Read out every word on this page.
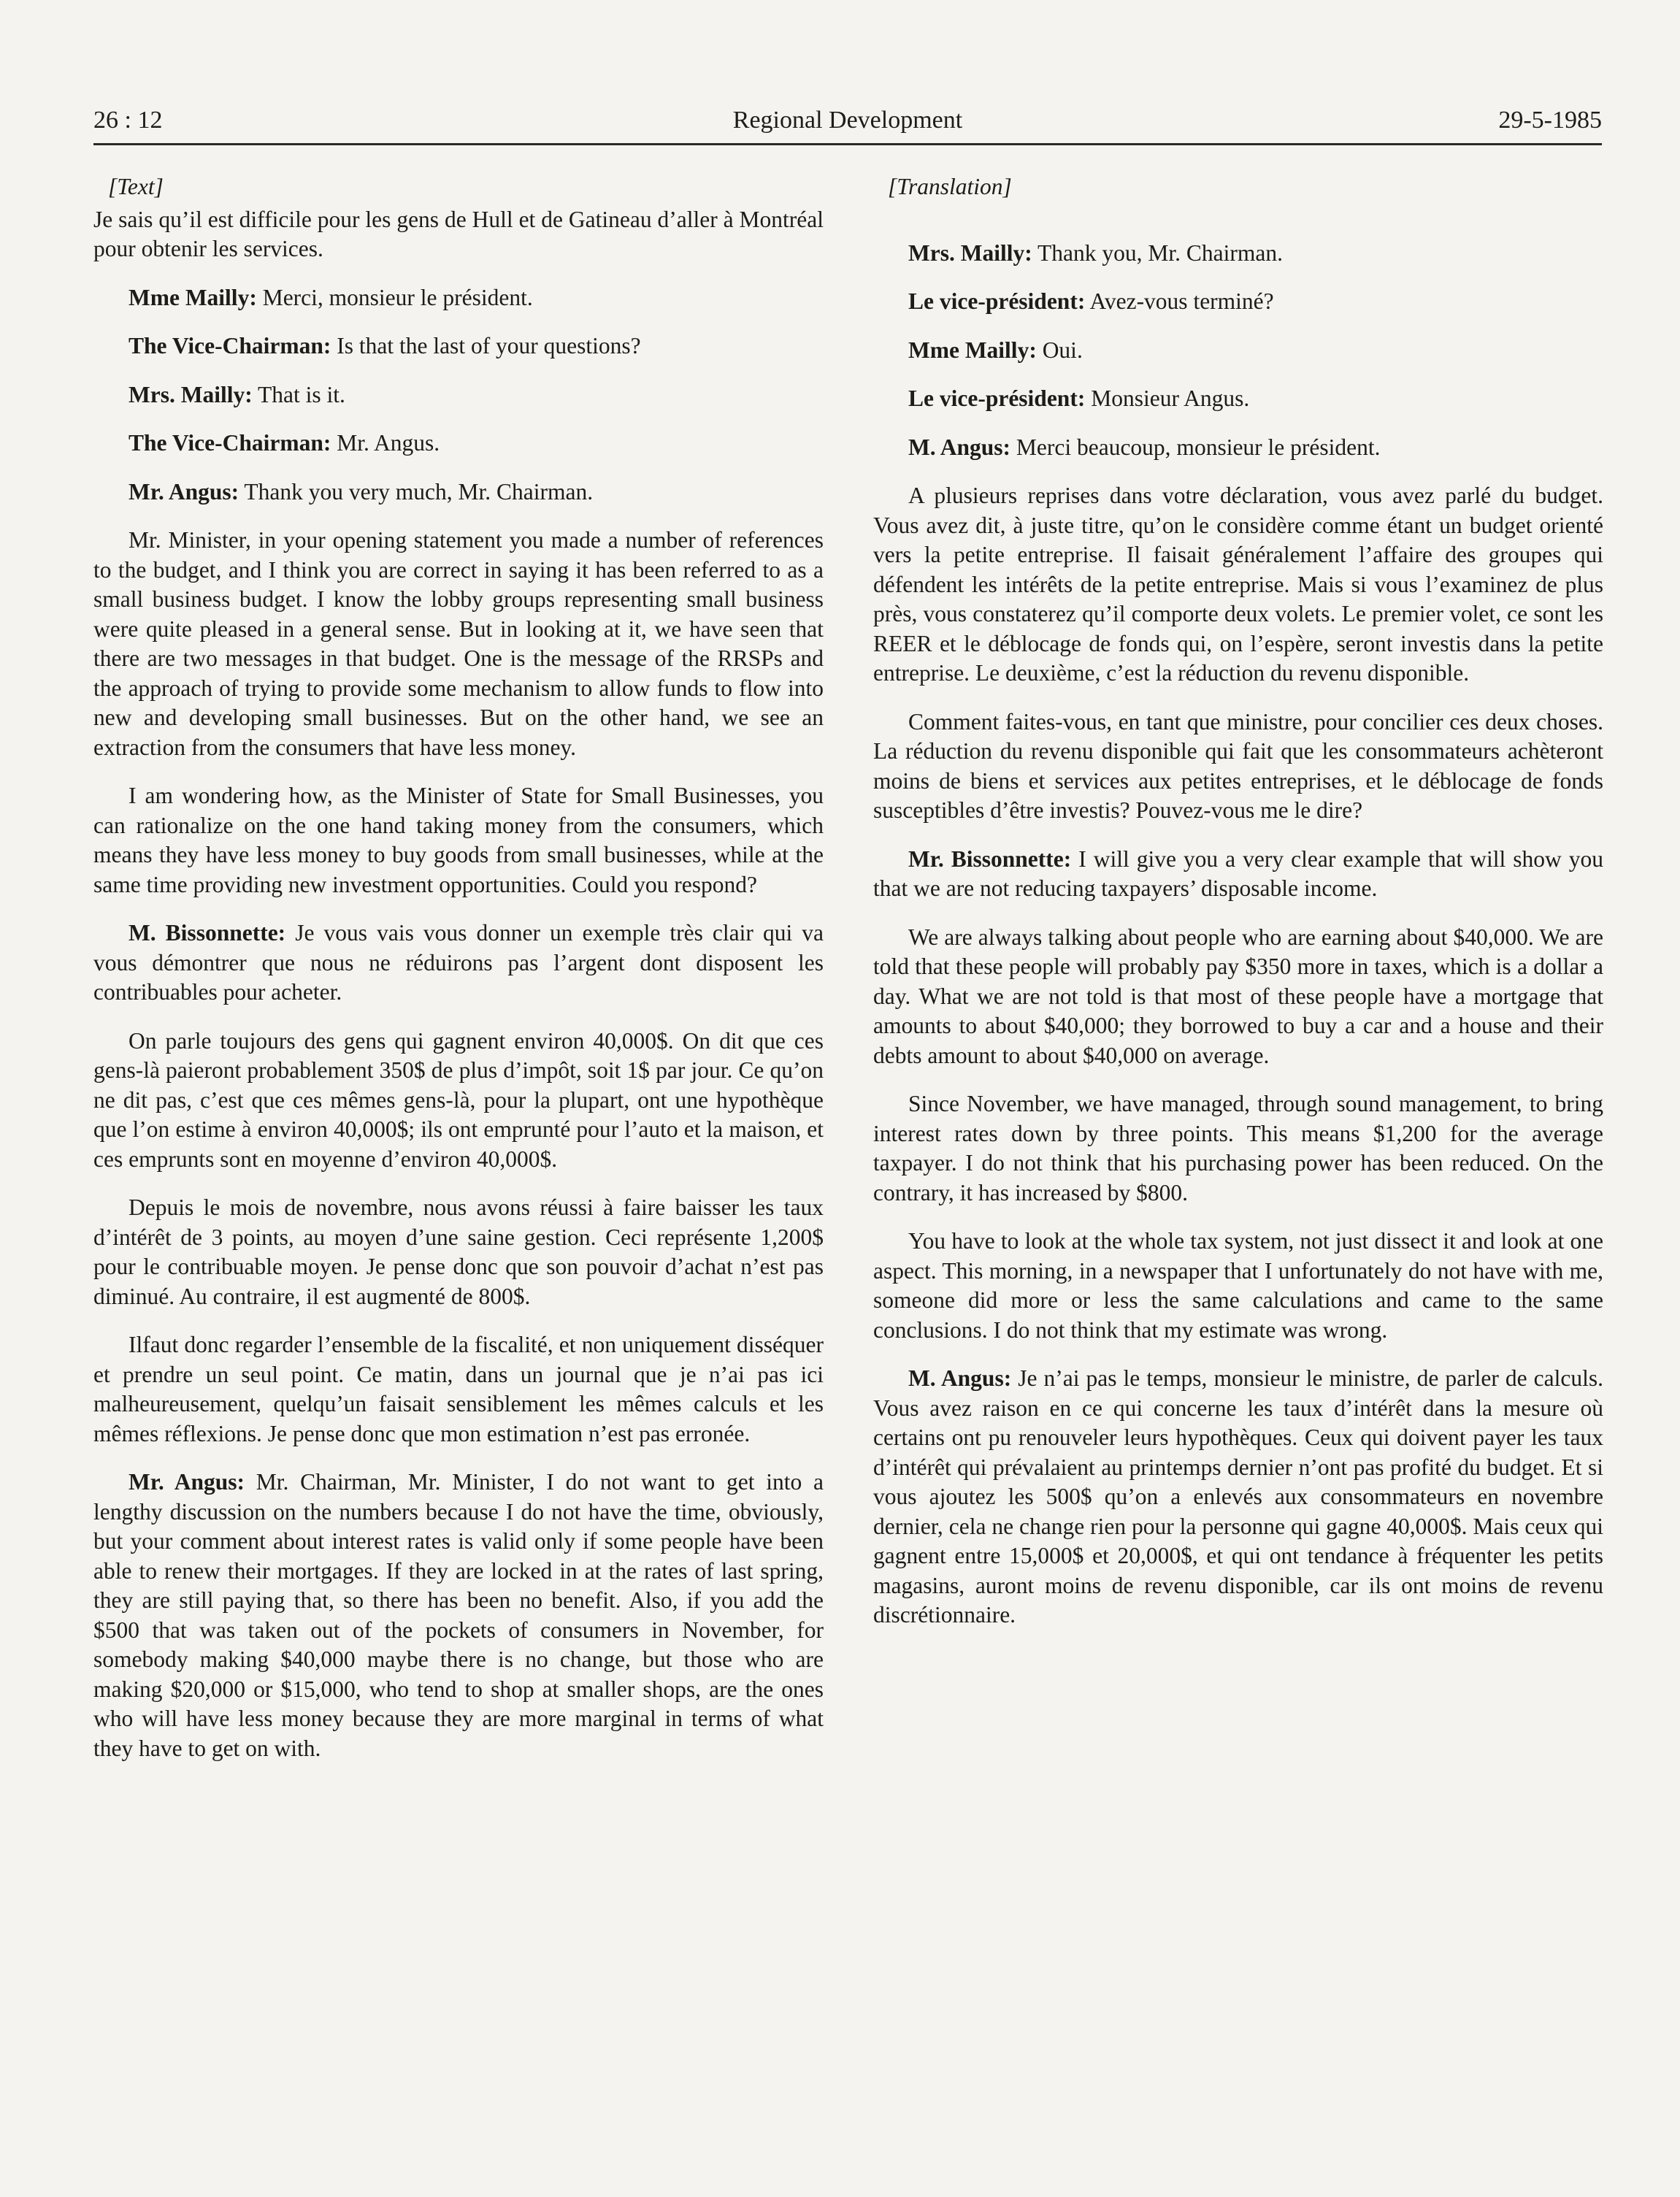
26 : 12	Regional Development	29-5-1985

[Text]

Je sais qu’il est difficile pour les gens de Hull et de Gatineau d’aller à Montréal pour obtenir les services.

Mme Mailly: Merci, monsieur le président.

The Vice-Chairman: Is that the last of your questions?

Mrs. Mailly: That is it.

The Vice-Chairman: Mr. Angus.

Mr. Angus: Thank you very much, Mr. Chairman.

Mr. Minister, in your opening statement you made a number of references to the budget, and I think you are correct in saying it has been referred to as a small business budget. I know the lobby groups representing small business were quite pleased in a general sense. But in looking at it, we have seen that there are two messages in that budget. One is the message of the RRSPs and the approach of trying to provide some mechanism to allow funds to flow into new and developing small businesses. But on the other hand, we see an extraction from the consumers that have less money.

I am wondering how, as the Minister of State for Small Businesses, you can rationalize on the one hand taking money from the consumers, which means they have less money to buy goods from small businesses, while at the same time providing new investment opportunities. Could you respond?

M. Bissonnette: Je vous vais vous donner un exemple très clair qui va vous démontrer que nous ne réduirons pas l’argent dont disposent les contribuables pour acheter.

On parle toujours des gens qui gagnent environ 40,000$. On dit que ces gens-là paieront probablement 350$ de plus d’impôt, soit 1$ par jour. Ce qu’on ne dit pas, c’est que ces mêmes gens-là, pour la plupart, ont une hypothèque que l’on estime à environ 40,000$; ils ont emprunté pour l’auto et la maison, et ces emprunts sont en moyenne d’environ 40,000$.

Depuis le mois de novembre, nous avons réussi à faire baisser les taux d’intérêt de 3 points, au moyen d’une saine gestion. Ceci représente 1,200$ pour le contribuable moyen. Je pense donc que son pouvoir d’achat n’est pas diminué. Au contraire, il est augmenté de 800$.

Ilfaut donc regarder l’ensemble de la fiscalité, et non uniquement disséquer et prendre un seul point. Ce matin, dans un journal que je n’ai pas ici malheureusement, quelqu’un faisait sensiblement les mêmes calculs et les mêmes réflexions. Je pense donc que mon estimation n’est pas erronée.

Mr. Angus: Mr. Chairman, Mr. Minister, I do not want to get into a lengthy discussion on the numbers because I do not have the time, obviously, but your comment about interest rates is valid only if some people have been able to renew their mortgages. If they are locked in at the rates of last spring, they are still paying that, so there has been no benefit. Also, if you add the $500 that was taken out of the pockets of consumers in November, for somebody making $40,000 maybe there is no change, but those who are making $20,000 or $15,000, who tend to shop at smaller shops, are the ones who will have less money because they are more marginal in terms of what they have to get on with.

[Translation]

Mrs. Mailly: Thank you, Mr. Chairman.

Le vice-président: Avez-vous terminé?

Mme Mailly: Oui.

Le vice-président: Monsieur Angus.

M. Angus: Merci beaucoup, monsieur le président.

A plusieurs reprises dans votre déclaration, vous avez parlé du budget. Vous avez dit, à juste titre, qu’on le considère comme étant un budget orienté vers la petite entreprise. Il faisait généralement l’affaire des groupes qui défendent les intérêts de la petite entreprise. Mais si vous l’examinez de plus près, vous constaterez qu’il comporte deux volets. Le premier volet, ce sont les REER et le déblocage de fonds qui, on l’espère, seront investis dans la petite entreprise. Le deuxième, c’est la réduction du revenu disponible.

Comment faites-vous, en tant que ministre, pour concilier ces deux choses. La réduction du revenu disponible qui fait que les consommateurs achèteront moins de biens et services aux petites entreprises, et le déblocage de fonds susceptibles d’être investis? Pouvez-vous me le dire?

Mr. Bissonnette: I will give you a very clear example that will show you that we are not reducing taxpayers’ disposable income.

We are always talking about people who are earning about $40,000. We are told that these people will probably pay $350 more in taxes, which is a dollar a day. What we are not told is that most of these people have a mortgage that amounts to about $40,000; they borrowed to buy a car and a house and their debts amount to about $40,000 on average.

Since November, we have managed, through sound management, to bring interest rates down by three points. This means $1,200 for the average taxpayer. I do not think that his purchasing power has been reduced. On the contrary, it has increased by $800.

You have to look at the whole tax system, not just dissect it and look at one aspect. This morning, in a newspaper that I unfortunately do not have with me, someone did more or less the same calculations and came to the same conclusions. I do not think that my estimate was wrong.

M. Angus: Je n’ai pas le temps, monsieur le ministre, de parler de calculs. Vous avez raison en ce qui concerne les taux d’intérêt dans la mesure où certains ont pu renouveler leurs hypothèques. Ceux qui doivent payer les taux d’intérêt qui prévalaient au printemps dernier n’ont pas profité du budget. Et si vous ajoutez les 500$ qu’on a enlevés aux consommateurs en novembre dernier, cela ne change rien pour la personne qui gagne 40,000$. Mais ceux qui gagnent entre 15,000$ et 20,000$, et qui ont tendance à fréquenter les petits magasins, auront moins de revenu disponible, car ils ont moins de revenu discrétionnaire.
